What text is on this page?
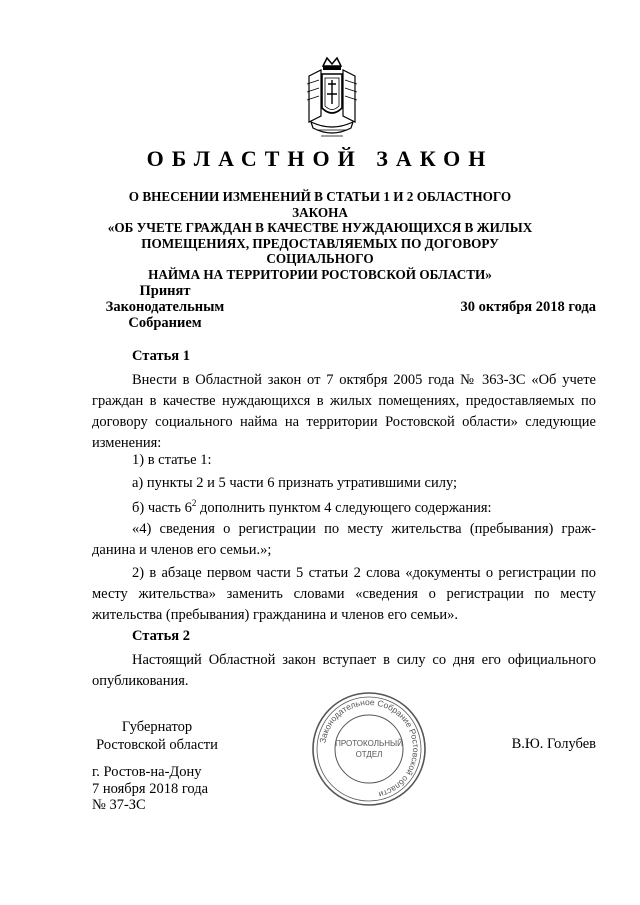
ОБЛАСТНОЙ ЗАКОН
О ВНЕСЕНИИ ИЗМЕНЕНИЙ В СТАТЬИ 1 И 2 ОБЛАСТНОГО ЗАКОНА
«ОБ УЧЕТЕ ГРАЖДАН В КАЧЕСТВЕ НУЖДАЮЩИХСЯ В ЖИЛЫХ
ПОМЕЩЕНИЯХ, ПРЕДОСТАВЛЯЕМЫХ ПО ДОГОВОРУ СОЦИАЛЬНОГО
НАЙМА НА ТЕРРИТОРИИ РОСТОВСКОЙ ОБЛАСТИ»
Принят
Законодательным Собранием
30 октября 2018 года
Статья 1
Внести в Областной закон от 7 октября 2005 года № 363-ЗС «Об учете граждан в качестве нуждающихся в жилых помещениях, предоставляемых по договору социального найма на территории Ростовской области» следующие изменения:
1) в статье 1:
а) пункты 2 и 5 части 6 признать утратившими силу;
б) часть $6^2$ дополнить пунктом 4 следующего содержания:
«4) сведения о регистрации по месту жительства (пребывания) граж-данина и членов его семьи.»;
2) в абзаце первом части 5 статьи 2 слова «документы о регистрации по месту жительства» заменить словами «сведения о регистрации по месту жительства (пребывания) гражданина и членов его семьи».
Статья 2
Настоящий Областной закон вступает в силу со дня его официального опубликования.
Губернатор
Ростовской области	В.Ю. Голубев
Законодательное Собрание Ростовской области
ПРОТОКОЛЬНЫЙ
ОТДЕЛ
г. Ростов-на-Дону
7 ноября 2018 года
№ 37-ЗС
